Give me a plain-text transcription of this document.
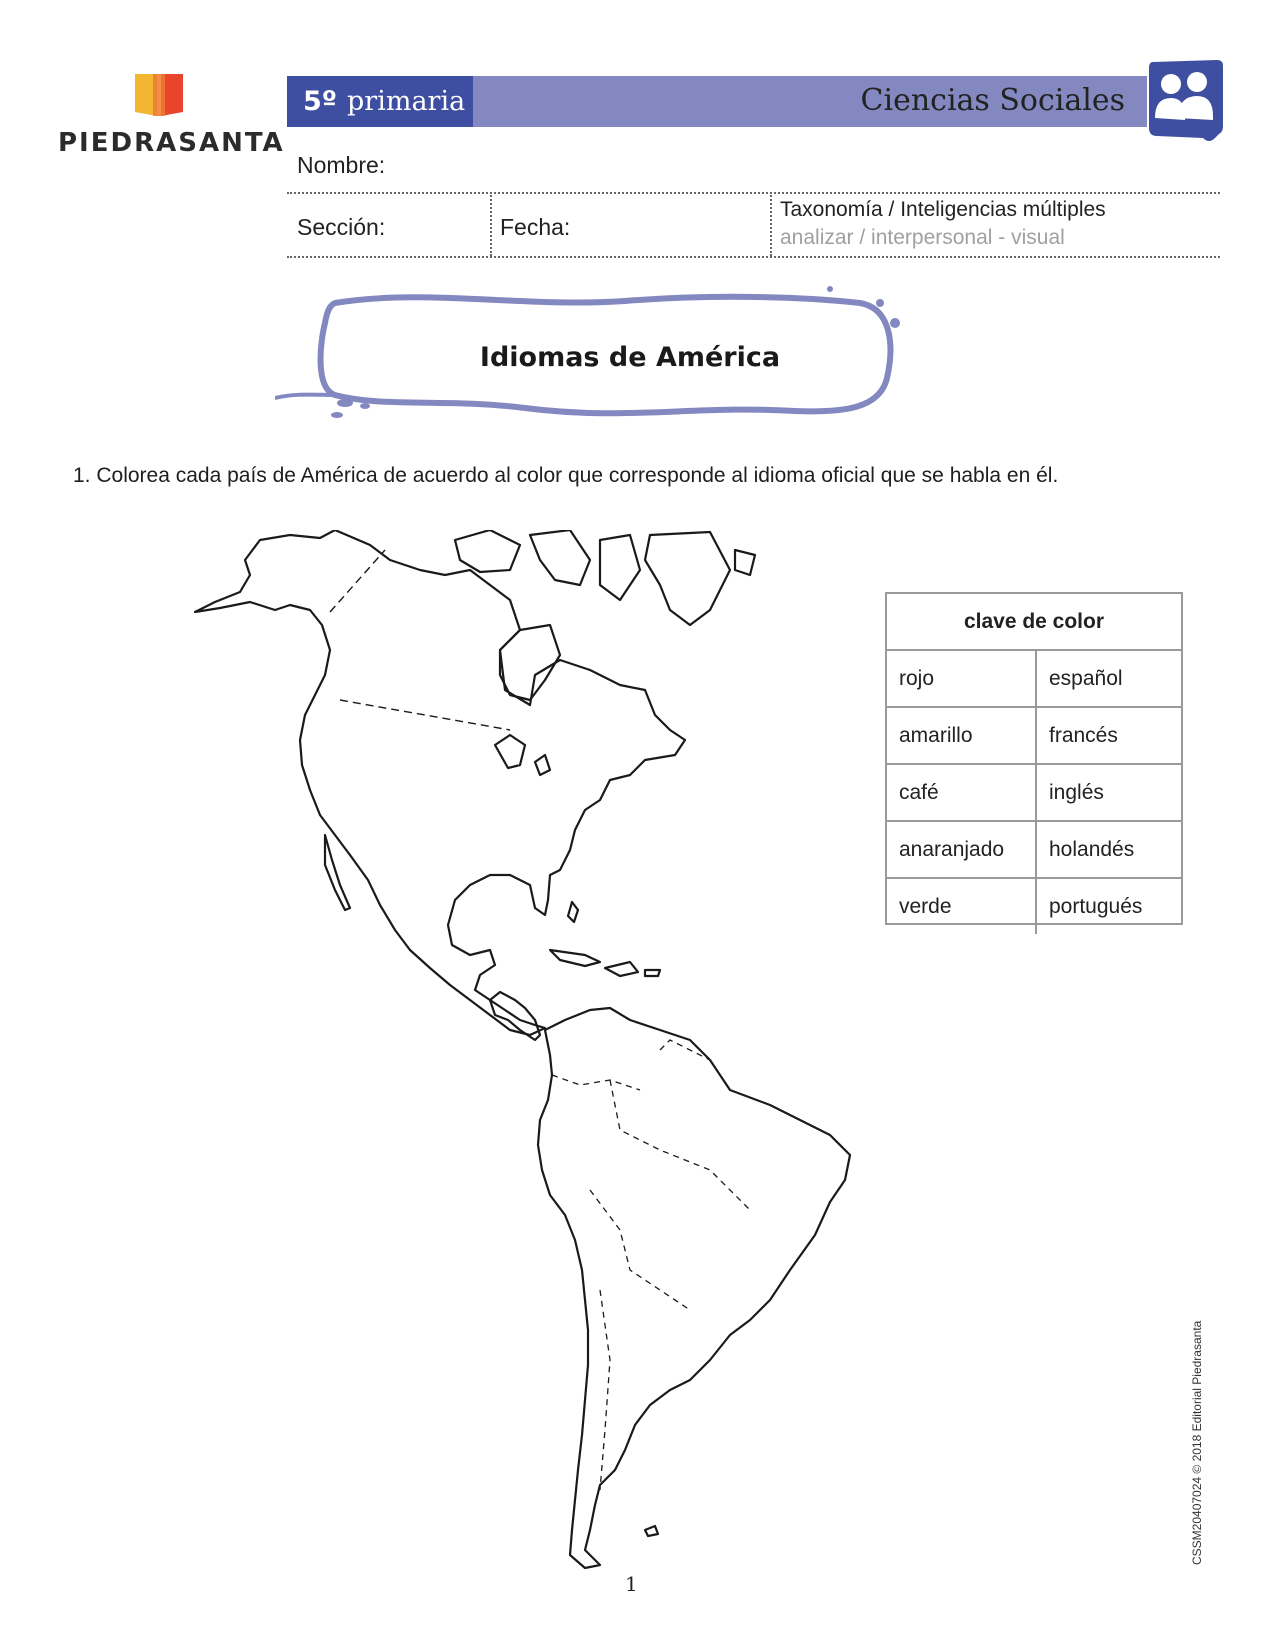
PIEDRASANTA
5º primaria	Ciencias Sociales
Nombre:
Sección:	Fecha:
Taxonomía / Inteligencias múltiples
analizar / interpersonal - visual
Idiomas de América
1. Colorea cada país de América de acuerdo al color que corresponde al idioma oficial que se habla en él.
clave de color
rojo	español
amarillo	francés
café	inglés
anaranjado	holandés
verde	portugués
1
CSSM20407024 © 2018 Editorial Piedrasanta
